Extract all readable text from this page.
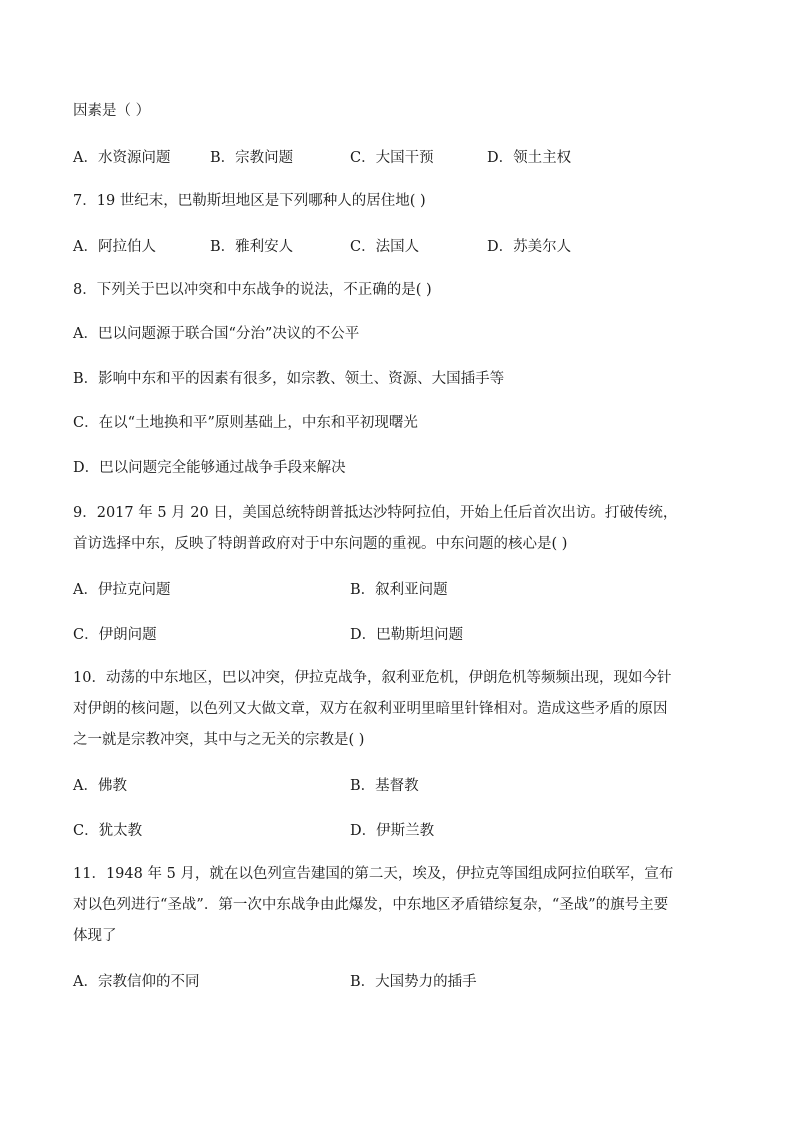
因素是（ ）
A．水资源问题	B．宗教问题	C．大国干预	D．领土主权
7．19 世纪末，巴勒斯坦地区是下列哪种人的居住地( )
A．阿拉伯人	B．雅利安人	C．法国人	D．苏美尔人
8．下列关于巴以冲突和中东战争的说法，不正确的是( )
A．巴以问题源于联合国“分治”决议的不公平
B．影响中东和平的因素有很多，如宗教、领土、资源、大国插手等
C．在以“土地换和平”原则基础上，中东和平初现曙光
D．巴以问题完全能够通过战争手段来解决
9．2017 年 5 月 20 日，美国总统特朗普抵达沙特阿拉伯，开始上任后首次出访。打破传统，
首访选择中东，反映了特朗普政府对于中东问题的重视。中东问题的核心是( )
A．伊拉克问题	B．叙利亚问题
C．伊朗问题	D．巴勒斯坦问题
10．动荡的中东地区，巴以冲突，伊拉克战争，叙利亚危机，伊朗危机等频频出现，现如今针
对伊朗的核问题，以色列又大做文章，双方在叙利亚明里暗里针锋相对。造成这些矛盾的原因
之一就是宗教冲突，其中与之无关的宗教是( )
A．佛教	B．基督教
C．犹太教	D．伊斯兰教
11．1948 年 5 月，就在以色列宣告建国的第二天，埃及，伊拉克等国组成阿拉伯联军，宣布
对以色列进行“圣战”．第一次中东战争由此爆发，中东地区矛盾错综复杂，“圣战”的旗号主要
体现了
A．宗教信仰的不同	B．大国势力的插手
